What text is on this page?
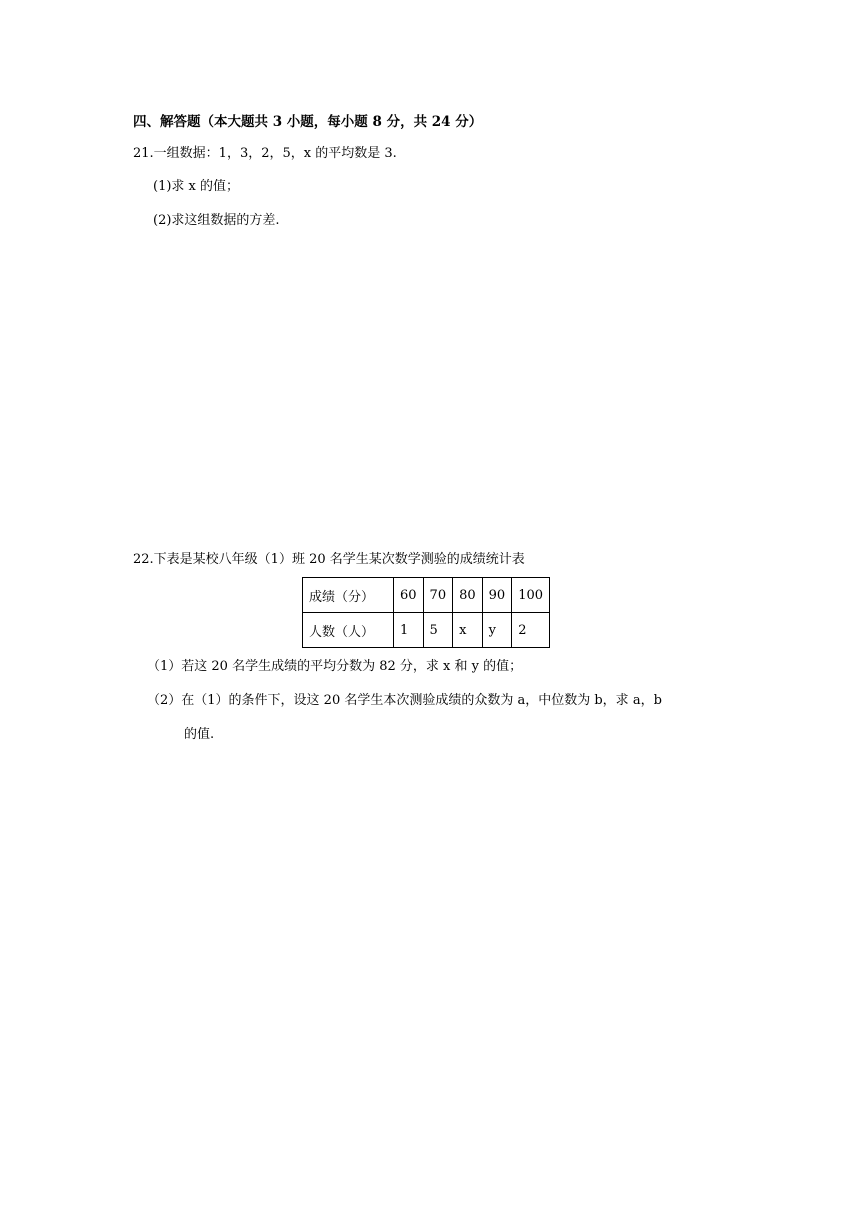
四、解答题（本大题共 3 小题，每小题 8 分，共 24 分）
21.一组数据：1，3，2，5，x 的平均数是 3.
(1)求 x 的值；
(2)求这组数据的方差.
22.下表是某校八年级（1）班 20 名学生某次数学测验的成绩统计表
成绩（分）	60	70	80	90	100
人数（人）	1	5	x	y	2
（1）若这 20 名学生成绩的平均分数为 82 分，求 x 和 y 的值；
（2）在（1）的条件下，设这 20 名学生本次测验成绩的众数为 a，中位数为 b，求 a，b
的值.
